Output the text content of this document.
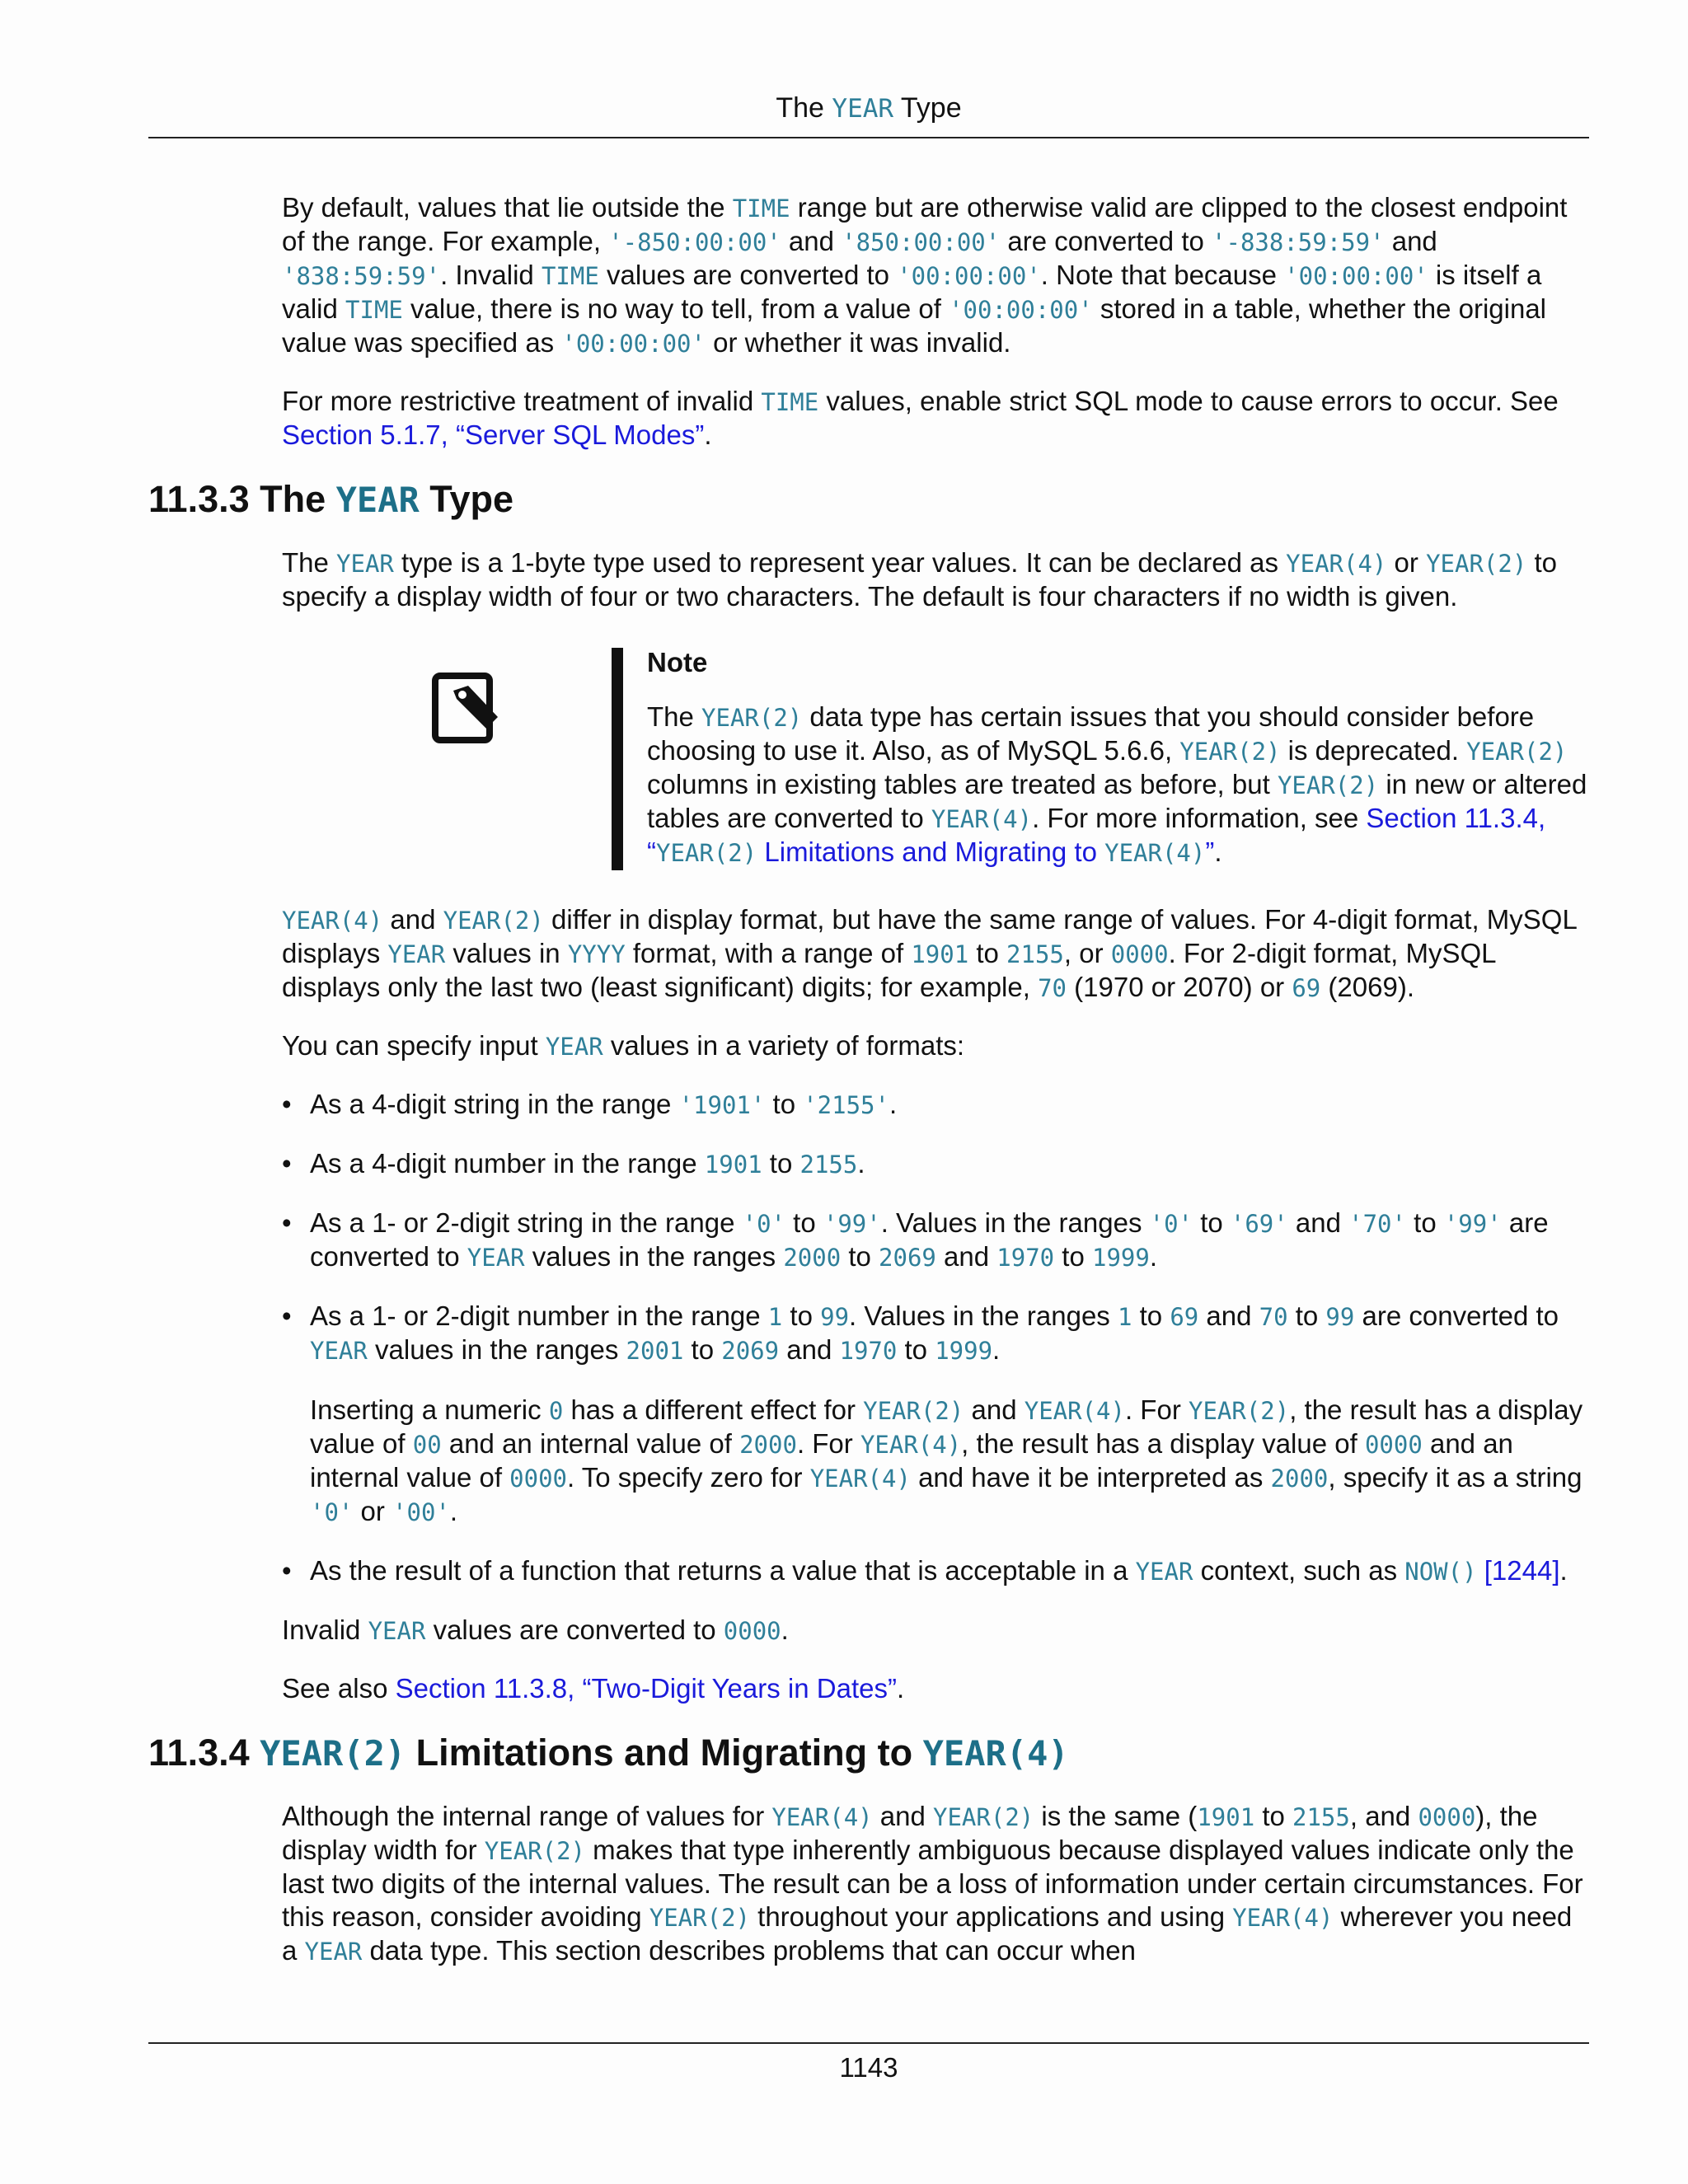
The YEAR Type

By default, values that lie outside the TIME range but are otherwise valid are clipped to the closest endpoint of the range. For example, '-850:00:00' and '850:00:00' are converted to '-838:59:59' and '838:59:59'. Invalid TIME values are converted to '00:00:00'. Note that because '00:00:00' is itself a valid TIME value, there is no way to tell, from a value of '00:00:00' stored in a table, whether the original value was specified as '00:00:00' or whether it was invalid.

For more restrictive treatment of invalid TIME values, enable strict SQL mode to cause errors to occur. See Section 5.1.7, “Server SQL Modes”.

11.3.3 The YEAR Type

The YEAR type is a 1-byte type used to represent year values. It can be declared as YEAR(4) or YEAR(2) to specify a display width of four or two characters. The default is four characters if no width is given.

Note
The YEAR(2) data type has certain issues that you should consider before choosing to use it. Also, as of MySQL 5.6.6, YEAR(2) is deprecated. YEAR(2) columns in existing tables are treated as before, but YEAR(2) in new or altered tables are converted to YEAR(4). For more information, see Section 11.3.4, “YEAR(2) Limitations and Migrating to YEAR(4)”.

YEAR(4) and YEAR(2) differ in display format, but have the same range of values. For 4-digit format, MySQL displays YEAR values in YYYY format, with a range of 1901 to 2155, or 0000. For 2-digit format, MySQL displays only the last two (least significant) digits; for example, 70 (1970 or 2070) or 69 (2069).

You can specify input YEAR values in a variety of formats:

• As a 4-digit string in the range '1901' to '2155'.
• As a 4-digit number in the range 1901 to 2155.
• As a 1- or 2-digit string in the range '0' to '99'. Values in the ranges '0' to '69' and '70' to '99' are converted to YEAR values in the ranges 2000 to 2069 and 1970 to 1999.
• As a 1- or 2-digit number in the range 1 to 99. Values in the ranges 1 to 69 and 70 to 99 are converted to YEAR values in the ranges 2001 to 2069 and 1970 to 1999.
Inserting a numeric 0 has a different effect for YEAR(2) and YEAR(4). For YEAR(2), the result has a display value of 00 and an internal value of 2000. For YEAR(4), the result has a display value of 0000 and an internal value of 0000. To specify zero for YEAR(4) and have it be interpreted as 2000, specify it as a string '0' or '00'.
• As the result of a function that returns a value that is acceptable in a YEAR context, such as NOW() [1244].

Invalid YEAR values are converted to 0000.

See also Section 11.3.8, “Two-Digit Years in Dates”.

11.3.4 YEAR(2) Limitations and Migrating to YEAR(4)

Although the internal range of values for YEAR(4) and YEAR(2) is the same (1901 to 2155, and 0000), the display width for YEAR(2) makes that type inherently ambiguous because displayed values indicate only the last two digits of the internal values. The result can be a loss of information under certain circumstances. For this reason, consider avoiding YEAR(2) throughout your applications and using YEAR(4) wherever you need a YEAR data type. This section describes problems that can occur when

1143
